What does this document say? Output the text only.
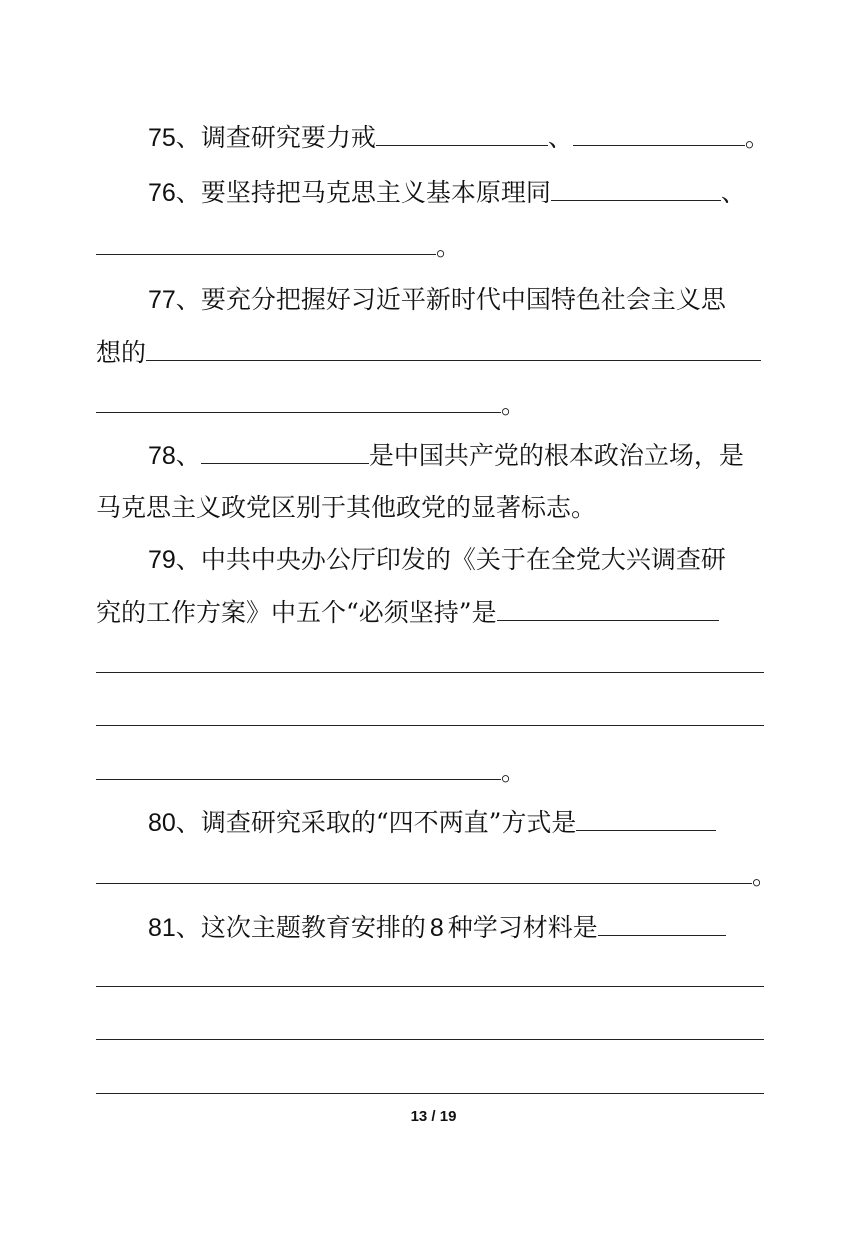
75、调查研究要力戒	、	。
76、要坚持把马克思主义基本原理同	、
。
77、要充分把握好习近平新时代中国特色社会主义思
想的
。
78、	是中国共产党的根本政治立场，是
马克思主义政党区别于其他政党的显著标志。
79、中共中央办公厅印发的《关于在全党大兴调查研
究的工作方案》中五个“必须坚持”是
。
80、调查研究采取的“四不两直”方式是
。
81、这次主题教育安排的 8 种学习材料是
13 / 19
